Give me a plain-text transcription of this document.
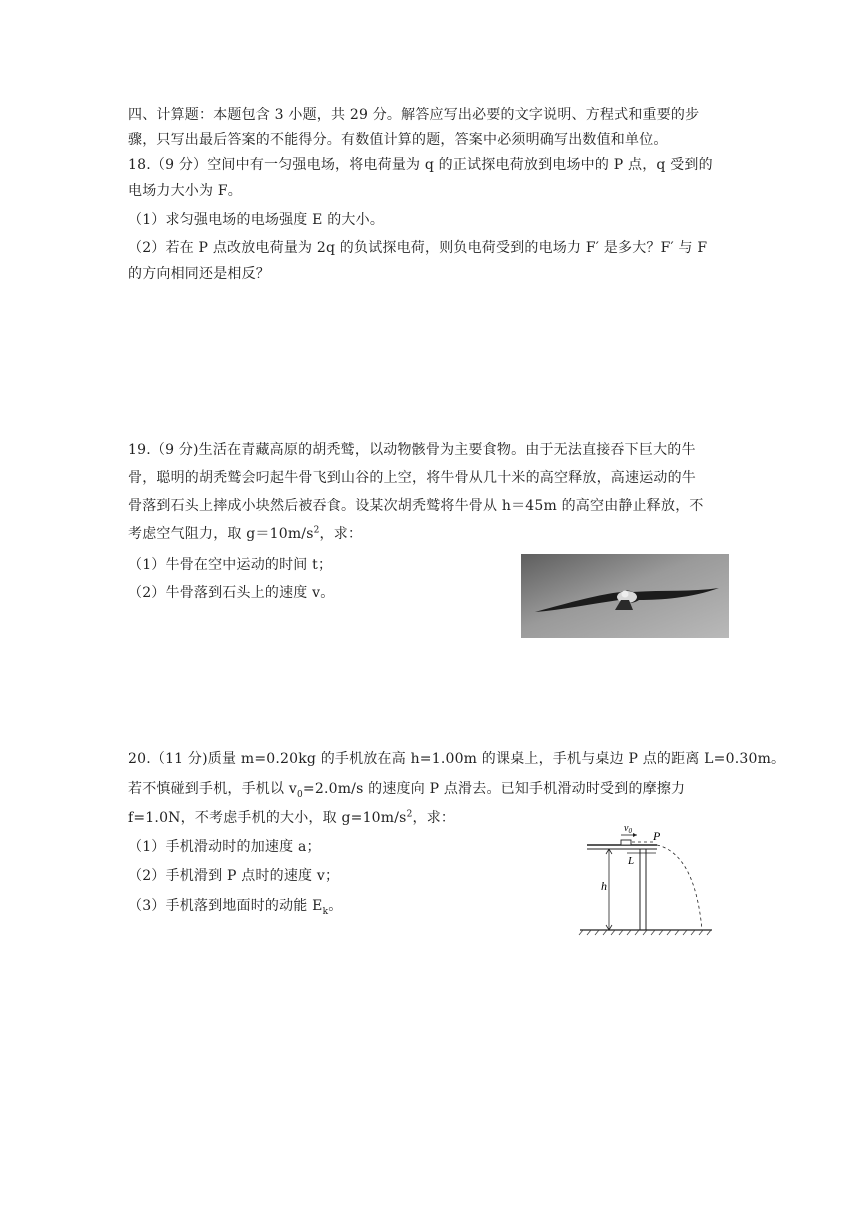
四、计算题：本题包含 3 小题，共 29 分。解答应写出必要的文字说明、方程式和重要的步
骤，只写出最后答案的不能得分。有数值计算的题，答案中必须明确写出数值和单位。
18.（9 分）空间中有一匀强电场，将电荷量为 q 的正试探电荷放到电场中的 P 点，q 受到的
电场力大小为 F。
（1）求匀强电场的电场强度 E 的大小。
（2）若在 P 点改放电荷量为 2q 的负试探电荷，则负电荷受到的电场力 F′ 是多大？F′ 与 F
的方向相同还是相反？
19.（9 分)生活在青藏高原的胡秃鹫，以动物骸骨为主要食物。由于无法直接吞下巨大的牛
骨，聪明的胡秃鹫会叼起牛骨飞到山谷的上空，将牛骨从几十米的高空释放，高速运动的牛
骨落到石头上摔成小块然后被吞食。设某次胡秃鹫将牛骨从 h＝45m 的高空由静止释放，不
考虑空气阻力，取 $g=10m/s^2$，求：
（1）牛骨在空中运动的时间 t；
（2）牛骨落到石头上的速度 v。
20.（11 分)质量 m=0.20kg 的手机放在高 h=1.00m 的课桌上，手机与桌边 P 点的距离 L=0.30m。
若不慎碰到手机，手机以 $v_0=2.0m/s$ 的速度向 P 点滑去。已知手机滑动时受到的摩擦力
f=1.0N，不考虑手机的大小，取 $g=10m/s^2$，求：
（1）手机滑动时的加速度 a；
（2）手机滑到 P 点时的速度 v；
（3）手机落到地面时的动能 $E_k$。
h
$v_0$ P
L
